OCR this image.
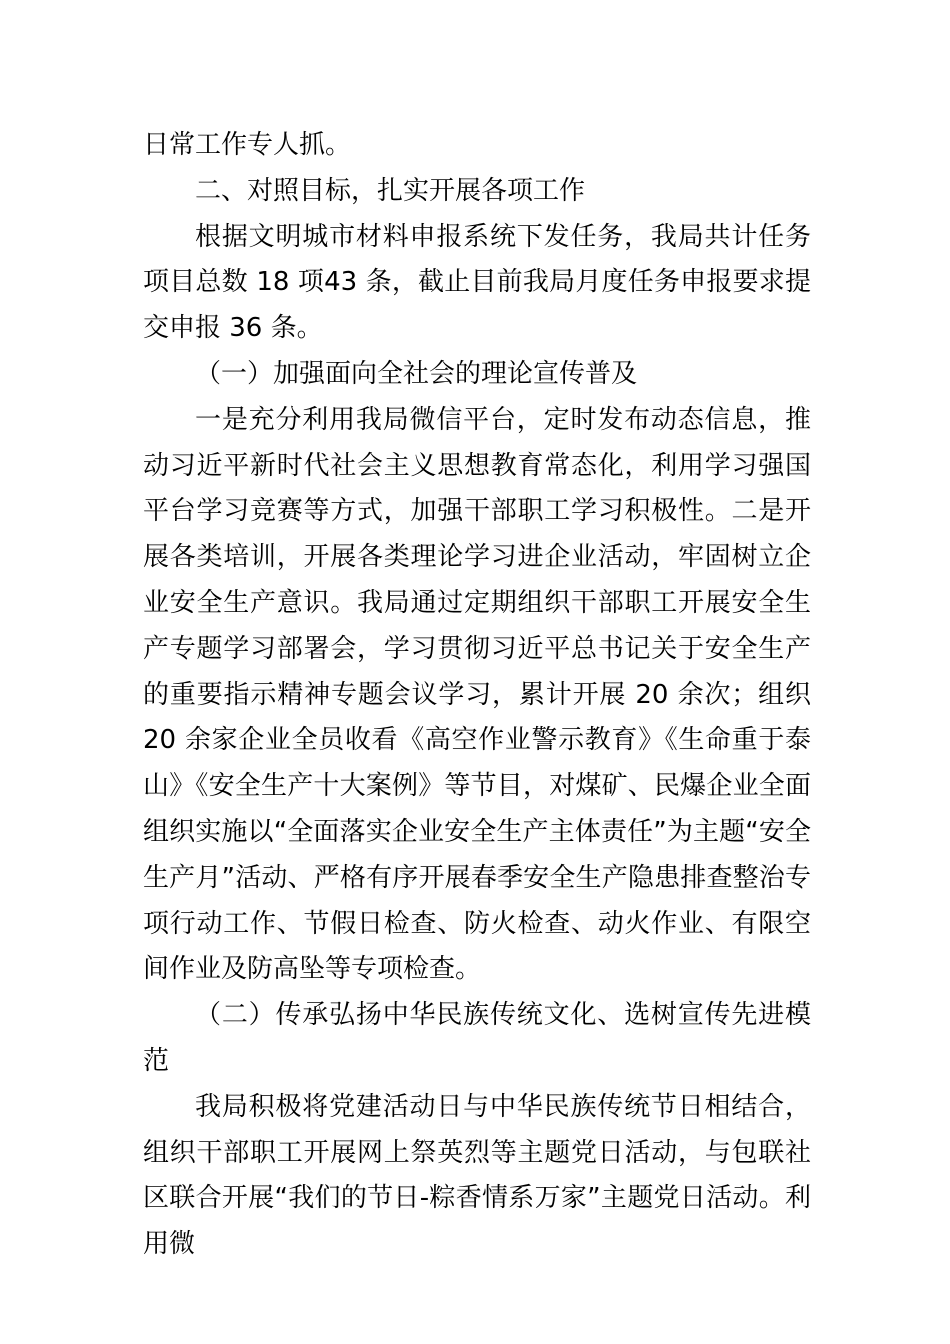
日常工作专人抓。

二、对照目标，扎实开展各项工作

根据文明城市材料申报系统下发任务，我局共计任务项目总数 18 项43 条，截止目前我局月度任务申报要求提交申报 36 条。

（一）加强面向全社会的理论宣传普及

一是充分利用我局微信平台，定时发布动态信息，推动习近平新时代社会主义思想教育常态化，利用学习强国平台学习竞赛等方式，加强干部职工学习积极性。二是开展各类培训，开展各类理论学习进企业活动，牢固树立企业安全生产意识。我局通过定期组织干部职工开展安全生产专题学习部署会，学习贯彻习近平总书记关于安全生产的重要指示精神专题会议学习，累计开展 20 余次；组织 20 余家企业全员收看《高空作业警示教育》《生命重于泰山》《安全生产十大案例》等节目，对煤矿、民爆企业全面组织实施以“全面落实企业安全生产主体责任”为主题“安全生产月”活动、严格有序开展春季安全生产隐患排查整治专项行动工作、节假日检查、防火检查、动火作业、有限空间作业及防高坠等专项检查。

（二）传承弘扬中华民族传统文化、选树宣传先进模范

我局积极将党建活动日与中华民族传统节日相结合，组织干部职工开展网上祭英烈等主题党日活动，与包联社区联合开展“我们的节日-粽香情系万家”主题党日活动。利用微
